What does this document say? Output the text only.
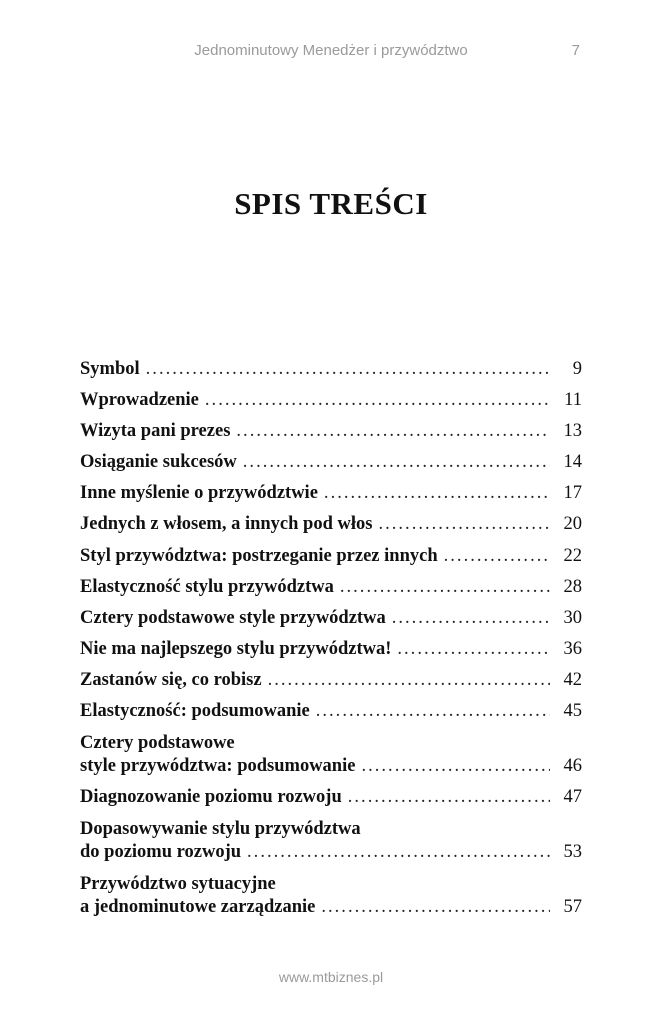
Jednominutowy Menedżer i przywództwo	7
SPIS TREŚCI
Symbol . . .	9
Wprowadzenie . . .	11
Wizyta pani prezes . . .	13
Osiąganie sukcesów . . .	14
Inne myślenie o przywództwie . . .	17
Jednych z włosem, a innych pod włos . . .	20
Styl przywództwa: postrzeganie przez innych . . .	22
Elastyczność stylu przywództwa . . .	28
Cztery podstawowe style przywództwa . . .	30
Nie ma najlepszego stylu przywództwa! . . .	36
Zastanów się, co robisz . . .	42
Elastyczność: podsumowanie . . .	45
Cztery podstawowe
style przywództwa: podsumowanie . . .	46
Diagnozowanie poziomu rozwoju . . .	47
Dopasowywanie stylu przywództwa
do poziomu rozwoju . . .	53
Przywództwo sytuacyjne
a jednominutowe zarządzanie . . .	57
www.mtbiznes.pl
